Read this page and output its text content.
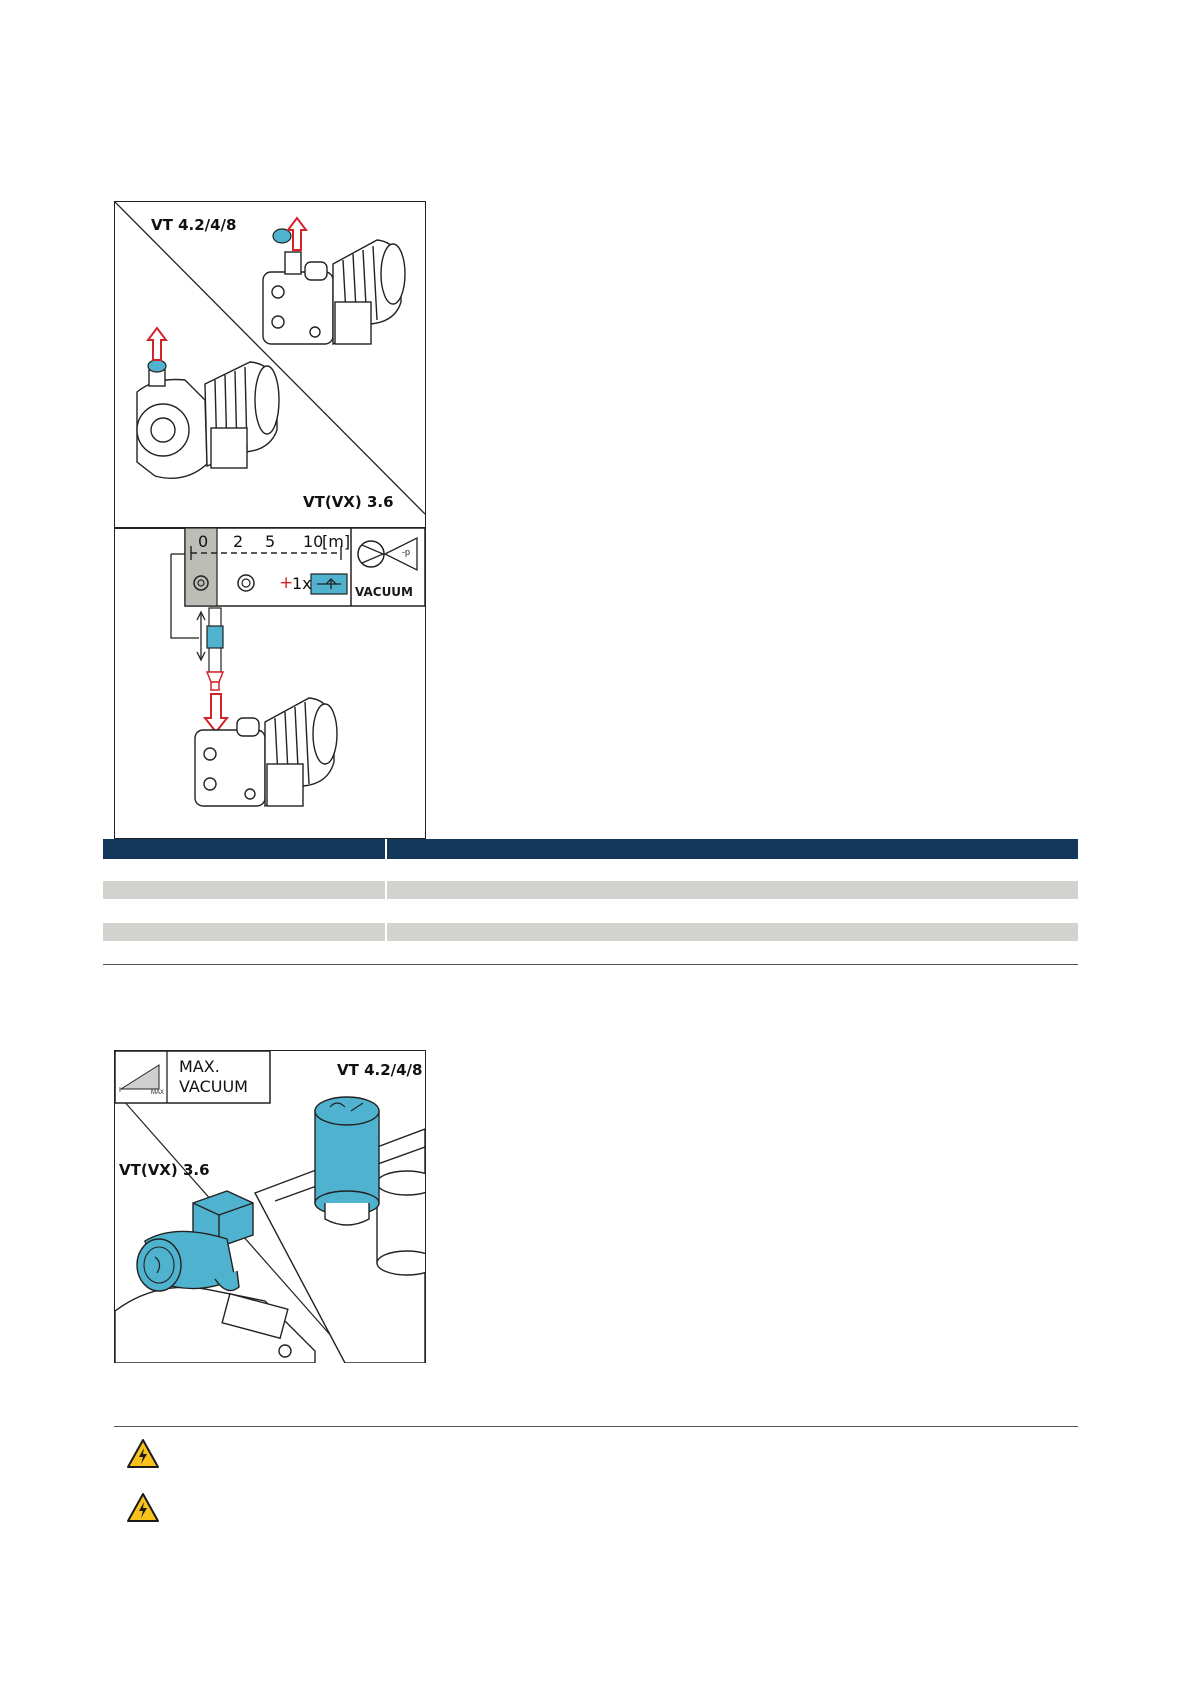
VT 4.2/4/8
VT(VX) 3.6
0 2 5 10
[m]
+
1x	VACUUM
-p
I	MAX
MAX.
VACUUM
VT 4.2/4/8
VT(VX) 3.6
